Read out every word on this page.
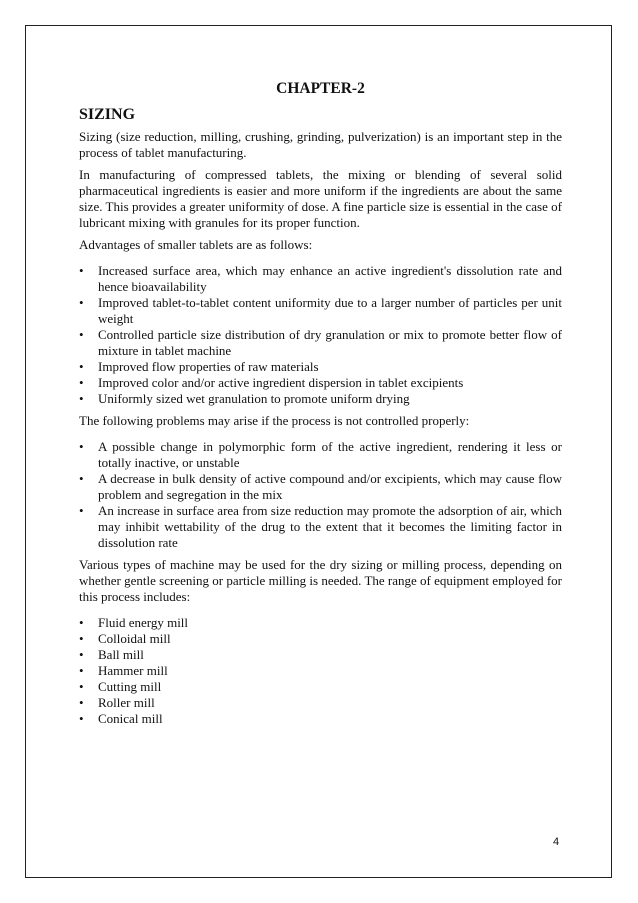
CHAPTER-2
SIZING

Sizing (size reduction, milling, crushing, grinding, pulverization) is an important step in the process of tablet manufacturing.

In manufacturing of compressed tablets, the mixing or blending of several solid pharmaceutical ingredients is easier and more uniform if the ingredients are about the same size. This provides a greater uniformity of dose. A fine particle size is essential in the case of lubricant mixing with granules for its proper function.

Advantages of smaller tablets are as follows:

• Increased surface area, which may enhance an active ingredient's dissolution rate and hence bioavailability
• Improved tablet-to-tablet content uniformity due to a larger number of particles per unit weight
• Controlled particle size distribution of dry granulation or mix to promote better flow of mixture in tablet machine
• Improved flow properties of raw materials
• Improved color and/or active ingredient dispersion in tablet excipients
• Uniformly sized wet granulation to promote uniform drying

The following problems may arise if the process is not controlled properly:

• A possible change in polymorphic form of the active ingredient, rendering it less or totally inactive, or unstable
• A decrease in bulk density of active compound and/or excipients, which may cause flow problem and segregation in the mix
• An increase in surface area from size reduction may promote the adsorption of air, which may inhibit wettability of the drug to the extent that it becomes the limiting factor in dissolution rate

Various types of machine may be used for the dry sizing or milling process, depending on whether gentle screening or particle milling is needed. The range of equipment employed for this process includes:

• Fluid energy mill
• Colloidal mill
• Ball mill
• Hammer mill
• Cutting mill
• Roller mill
• Conical mill
4
